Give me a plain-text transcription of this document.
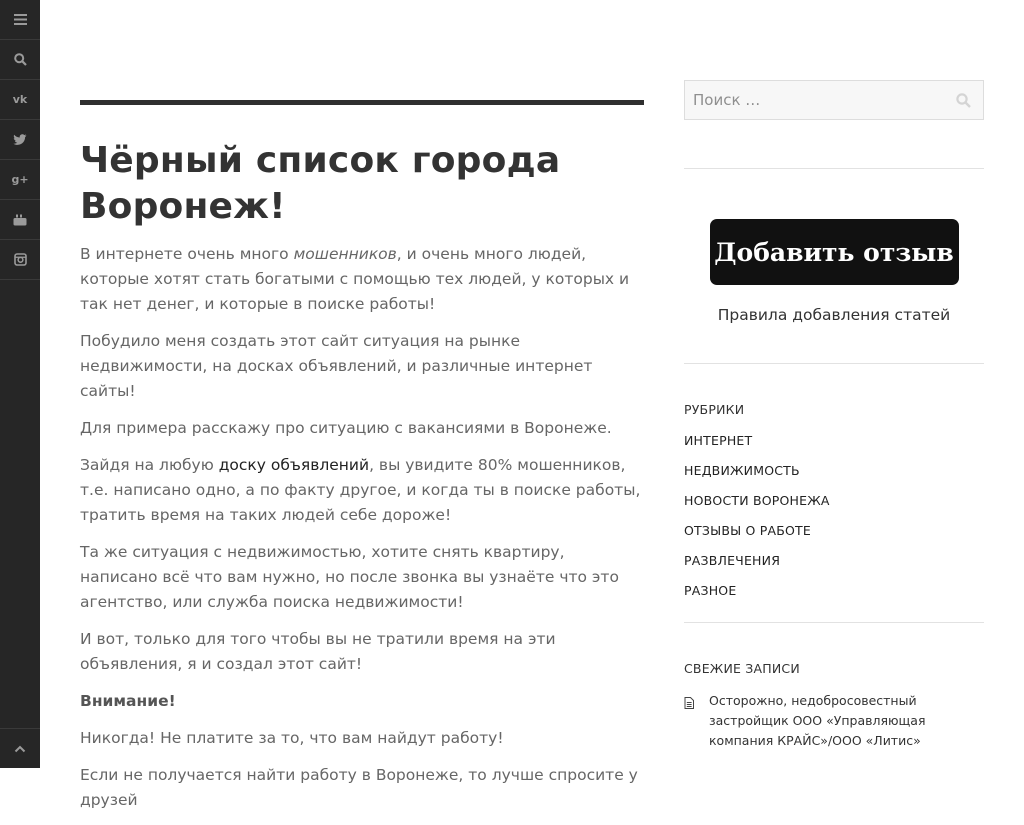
vk
g+ Чёрный список города Воронеж!

В интернете очень много мошенников, и очень много людей, которые хотят стать богатыми с помощью тех людей, у которых и так нет денег, и которые в поиске работы!

Побудило меня создать этот сайт ситуация на рынке недвижимости, на досках объявлений, и различные интернет сайты!

Для примера расскажу про ситуацию с вакансиями в Воронеже.

Зайдя на любую доску объявлений, вы увидите 80% мошенников, т.е. написано одно, а по факту другое, и когда ты в поиске работы, тратить время на таких людей себе дороже!

Та же ситуация с недвижимостью, хотите снять квартиру, написано всё что вам нужно, но после звонка вы узнаёте что это агентство, или служба поиска недвижимости!

И вот, только для того чтобы вы не тратили время на эти объявления, я и создал этот сайт!

Внимание!

Никогда! Не платите за то, что вам найдут работу!

Если не получается найти работу в Воронеже, то лучше спросите у друзей

Поиск …
Добавить отзыв
Правила добавления статей
РУБРИКИ
ИНТЕРНЕТ
НЕДВИЖИМОСТЬ
НОВОСТИ ВОРОНЕЖА
ОТЗЫВЫ О РАБОТЕ
РАЗВЛЕЧЕНИЯ
РАЗНОЕ
СВЕЖИЕ ЗАПИСИ
Осторожно, недобросовестный застройщик ООО «Управляющая компания КРАЙС»/ООО «Литис»
